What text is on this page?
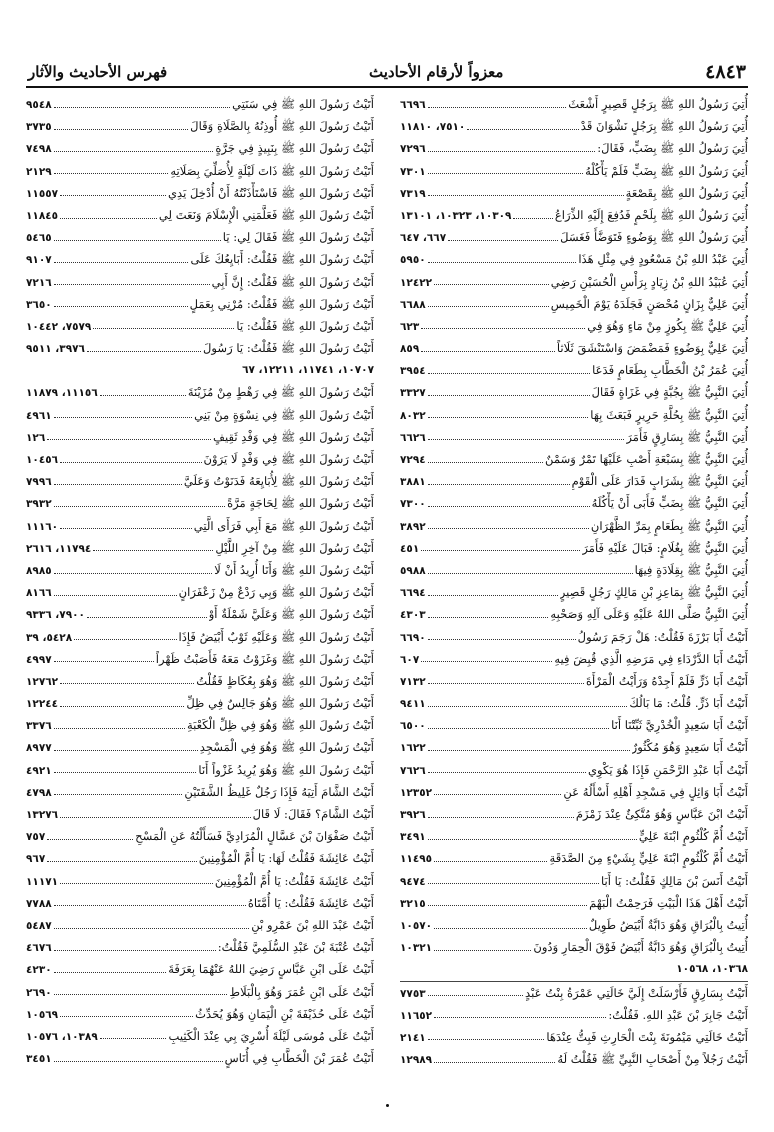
٤٨٤٣
معزواً لأرقام الأحاديث
فهرس الأحاديث والآثار
أُتِيَ رَسُولُ اللهِ ﷺ بِرَجُلٍ قَصِيرٍ أَشْعَثَ
٦٦٩٦
أُتِيَ رَسُولُ اللهِ ﷺ بِرَجُلٍ نَشْوَانَ قَدْ
٧٥١٠، ١١٨١٠
أُتِيَ رَسُولُ اللهِ ﷺ بِضَبٍّ، فَقَالَ:
٧٢٩٦
أُتِيَ رَسُولُ اللهِ ﷺ بِضَبٍّ فَلَمْ يَأْكُلْهُ
٧٣٠١
أُتِيَ رَسُولُ اللهِ ﷺ بِقَصْعَةٍ
٧٣١٩
أُتِيَ رَسُولُ اللهِ ﷺ بِلَحْمٍ فَدُفِعَ إِلَيْهِ الذِّرَاعُ
١٠٣٠٩، ١٠٣٢٣، ١٣١٠١
أُتِيَ رَسُولُ اللهِ ﷺ بِوَضُوءٍ فَتَوَضَّأَ فَغَسَلَ
٦٦٧، ٦٤٧
أُتِيَ عَبْدُ اللهِ بْنُ مَسْعُودٍ فِي مِثْلِ هَذَا
٥٩٥٠
أُتِيَ عُبَيْدُ اللهِ بْنُ زِيَادٍ بِرَأْسِ الْحُسَيْنِ رَضِي
١٢٤٢٢
أُتِيَ عَلِيٌّ بِزَانٍ مُحْصَنٍ فَجَلَدَهُ يَوْمَ الْخَمِيسِ
٦٦٨٨
أُتِيَ عَلِيٌّ ﷺ بِكُوزٍ مِنْ مَاءٍ وَهُوَ فِي
٦٢٣
أُتِيَ عَلِيٌّ بِوَضُوءٍ فَمَضْمَضَ وَاسْتَنْشَقَ ثَلَاثاً
٨٥٩
أُتِيَ عُمَرُ بْنُ الْخَطَّابِ بِطَعَامٍ فَدَعَا
٣٩٥٤
أُتِيَ النَّبِيُّ ﷺ بِجُبَّةٍ فِي غَزَاةٍ فَقَالَ
٣٣٢٧
أُتِيَ النَّبِيُّ ﷺ بِحُلَّةِ حَرِيرٍ فَبَعَثَ بِهَا
٨٠٣٢
أُتِيَ النَّبِيُّ ﷺ بِسَارِقٍ فَأَمَرَ
٦٦٢٦
أُتِيَ النَّبِيُّ ﷺ بِسَبْعَةِ أَصْبِ عَلَيْهَا تَمْرٌ وَسَمْنٌ
٧٢٩٤
أُتِيَ النَّبِيُّ ﷺ بِشَرَابٍ فَدَارَ عَلَى الْقَوْمِ
٣٨٨١
أُتِيَ النَّبِيُّ ﷺ بِضَبٍّ فَأَبَى أَنْ يَأْكُلَهُ
٧٣٠٠
أُتِيَ النَّبِيُّ ﷺ بِطَعَامٍ بِمَرِّ الظَّهْرَانِ
٣٨٩٢
أُتِيَ النَّبِيُّ ﷺ بِغُلَامٍ: فَبَالَ عَلَيْهِ فَأَمَرَ
٤٥١
أُتِيَ النَّبِيُّ ﷺ بِقِلَادَةٍ فِيهَا
٥٩٨٨
أُتِيَ النَّبِيُّ ﷺ بِمَاعِزِ بْنِ مَالِكٍ رَجُلٍ قَصِيرٍ
٦٦٩٤
أُتِيَ النَّبِيُّ صَلَّى اللهُ عَلَيْهِ وَعَلَى آلِهِ وَصَحْبِهِ
٤٣٠٣
أَتَيْتُ أَبَا بَرْزَةَ فَقُلْتُ: هَلْ رَجَمَ رَسُولُ
٦٦٩٠
أَتَيْتُ أَبَا الدَّرْدَاءِ فِي مَرَضِهِ الَّذِي قُبِضَ فِيهِ
٦٠٧
أَتَيْتُ أَبَا ذَرٍّ فَلَمْ أَجِدْهُ وَرَأَيْتُ الْمَرْأَةَ
٧١٣٢
أَتَيْتُ أَبَا ذَرٍّ. قُلْتُ: مَا بَالُكَ
٩٤١١
أَتَيْتُ أَبَا سَعِيدٍ الْخُدْرِيَّ ثَبِّتْنَا أَنَا
٦٥٠٠
أَتَيْتُ أَبَا سَعِيدٍ وَهُوَ مُكْثُورٌ
١٦٢٢
أَتَيْتُ أَبَا عَبْدِ الرَّحْمَنِ فَإِذَا هُوَ يَكْوِي
٧٦٢٦
أَتَيْتُ أَبَا وَائِلٍ فِي مَسْجِدِ أَهْلِهِ أَسْأَلُهُ عَنِ
١٢٣٥٢
أَتَيْتُ ابْنَ عَبَّاسٍ وَهُوَ مُتَّكِئٌ عِنْدَ زَمْزَمَ
٣٩٢٦
أَتَيْتُ أُمَّ كُلْثُومٍ ابْنَةَ عَلِيٍّ
٣٤٩١
أَتَيْتُ أُمَّ كُلْثُومٍ ابْنَةَ عَلِيٍّ بِشَيْءٍ مِنَ الصَّدَقَةِ
١١٤٩٥
أَتَيْتُ أَنَسَ بْنَ مَالِكٍ فَقُلْتُ: يَا أَبَا
٩٤٧٤
أَتَيْتُ أَهْلَ هَذَا الْبَيْتِ فَرَحِمْتُ الْبَهْمَ
٣٢١٥
أُتِيتُ بِالْبُرَاقِ وَهُوَ دَابَّةٌ أَبْيَضُ طَوِيلٌ
١٠٥٧٠
أُتِيتُ بِالْبُرَاقِ وَهُوَ دَابَّةٌ أَبْيَضُ فَوْقَ الْحِمَارِ وَدُونَ
١٠٣٢١
١٠٣٦٨، ١٠٥٦٨
أَتَيْتُ بِسَارِقٍ فَأَرْسَلَتْ إِلَيَّ خَالَتِي عَمْرَةُ بِنْتُ عَبْدٍ
٧٧٥٣
أَتَيْتُ جَابِرَ بْنَ عَبْدِ اللهِ. فَقُلْتُ:
١١٦٥٢
أَتَيْتُ خَالَتِي مَيْمُونَةَ بِنْتَ الْحَارِثِ فَبِتُّ عِنْدَهَا
٢١٤١
أَتَيْتُ رَجُلاً مِنْ أَصْحَابِ النَّبِيِّ ﷺ فَقُلْتُ لَهُ
١٢٩٨٩
أَتَيْتُ رَسُولَ اللهِ ﷺ فِي سَنَتِي
٩٥٤٨
أَتَيْتُ رَسُولَ اللهِ ﷺ أُوذِنُهُ بِالصَّلَاةِ وَقَالَ
٣٧٣٥
أَتَيْتُ رَسُولَ اللهِ ﷺ بِنَبِيذٍ فِي جَرَّةٍ
٧٤٩٨
أَتَيْتُ رَسُولَ اللهِ ﷺ ذَاتَ لَيْلَةٍ لِأُصَلِّيَ بِصَلَاتِهِ
٢١٢٩
أَتَيْتُ رَسُولَ اللهِ ﷺ فَاسْتَأْذَنْتُهُ أَنْ أُدْخِلَ يَدِي
١١٥٥٧
أَتَيْتُ رَسُولَ اللهِ ﷺ فَعَلَّمَنِي الْإِسْلَامَ وَنَعَتَ لِي
١١٨٤٥
أَتَيْتُ رَسُولَ اللهِ ﷺ فَقَالَ لِي: يَا
٥٤٦٥
أَتَيْتُ رَسُولَ اللهِ ﷺ فَقُلْتُ: أَبَايِعُكَ عَلَى
٩١٠٧
أَتَيْتُ رَسُولَ اللهِ ﷺ فَقُلْتُ: إِنَّ أَبِي
٧٢١٦
أَتَيْتُ رَسُولَ اللهِ ﷺ فَقُلْتُ: مُرْنِي بِعَمَلٍ
٣٦٥٠
أَتَيْتُ رَسُولَ اللهِ ﷺ فَقُلْتُ: يَا
٧٥٧٩، ١٠٤٤٢
أَتَيْتُ رَسُولَ اللهِ ﷺ فَقُلْتُ: يَا رَسُولَ
٣٩٧٦، ٩٥١١
١٠٧٠٧، ١١٧٤١، ١٢٢١١، ٦٧
أَتَيْتُ رَسُولَ اللهِ ﷺ فِي رَهْطٍ مِنْ مُزَيْنَةَ
١١١٥٦، ١١٨٧٩
أَتَيْتُ رَسُولَ اللهِ ﷺ فِي نِسْوَةٍ مِنْ بَنِي
٤٩٦١
أَتَيْتُ رَسُولَ اللهِ ﷺ فِي وَفْدِ ثَقِيفٍ
١٢٦
أَتَيْتُ رَسُولَ اللهِ ﷺ فِي وَفْدٍ لَا يَرَوْنَ
١٠٤٥٦
أَتَيْتُ رَسُولَ اللهِ ﷺ لِأُبَايِعَهُ فَدَنَوْتُ وَعَلَيَّ
٧٩٩٦
أَتَيْتُ رَسُولَ اللهِ ﷺ لِحَاجَةٍ مَرَّةً
٣٩٣٢
أَتَيْتُ رَسُولَ اللهِ ﷺ مَعَ أَبِي فَرَأَى الَّتِي
١١١٦٠
أَتَيْتُ رَسُولَ اللهِ ﷺ مِنْ آخِرِ اللَّيْلِ
١١٧٩٤، ٢٦١٦
أَتَيْتُ رَسُولَ اللهِ ﷺ وَأَنَا أُرِيدُ أَنْ لَا
٨٩٨٥
أَتَيْتُ رَسُولَ اللهِ ﷺ وَبِي رَدْعٌ مِنْ زَعْفَرَانٍ
٨١٦٦
أَتَيْتُ رَسُولَ اللهِ ﷺ وَعَلَيَّ شَمْلَةٌ أَوْ
٧٩٠٠، ٩٣٣٦
أَتَيْتُ رَسُولَ اللهِ ﷺ وَعَلَيْهِ ثَوْبٌ أَبْيَضُ فَإِذَا
٥٤٢٨، ٣٩
أَتَيْتُ رَسُولَ اللهِ ﷺ وَغَزَوْتُ مَعَهُ فَأَصَبْتُ ظَهْراً
٤٩٩٧
أَتَيْتُ رَسُولَ اللهِ ﷺ وَهُوَ بِعُكَاظٍ فَقُلْتُ
١٢٧٦٢
أَتَيْتُ رَسُولَ اللهِ ﷺ وَهُوَ جَالِسٌ فِي ظِلِّ
١٢٢٤٤
أَتَيْتُ رَسُولَ اللهِ ﷺ وَهُوَ فِي ظِلِّ الْكَعْبَةِ
٣٣٧٦
أَتَيْتُ رَسُولَ اللهِ ﷺ وَهُوَ فِي الْمَسْجِدِ
٨٩٧٧
أَتَيْتُ رَسُولَ اللهِ ﷺ وَهُوَ يُرِيدُ غَزْواً أَنَا
٤٩٢١
أَتَيْتُ الشَّامَ أَتِيَهُ فَإِذَا رَجُلٌ غَلِيظُ الشَّفَتَيْنِ
٤٧٩٨
أَتَيْتُ الشَّامَ؟ فَقَالَ: لَا قَالَ
١٣٢٧٦
أَتَيْتُ صَفْوَانَ بْنَ عَسَّالٍ الْمُرَادِيَّ فَسَأَلْتُهُ عَنِ الْمَسْحِ
٧٥٧
أَتَيْتُ عَائِشَةَ فَقُلْتُ لَهَا: يَا أُمَّ الْمُؤْمِنِينَ
٩٦٧
أَتَيْتُ عَائِشَةَ فَقُلْتُ: يَا أُمَّ الْمُؤْمِنِينَ
١١١٧١
أَتَيْتُ عَائِشَةَ فَقُلْتُ: يَا أُمَّتَاهُ
٧٧٨٨
أَتَيْتُ عَبْدَ اللهِ بْنَ عَمْرِو بْنِ
٥٤٨٧
أَتَيْتُ عُتْبَةَ بْنَ عَبْدِ السُّلَمِيَّ فَقُلْتُ:
٤٦٧٦
أَتَيْتُ عَلَى ابْنِ عَبَّاسٍ رَضِيَ اللهُ عَنْهُمَا بِعَرَفَةَ
٤٢٣٠
أَتَيْتُ عَلَى ابْنِ عُمَرَ وَهُوَ بِالْبَلَاطِ
٢٦٩٠
أَتَيْتُ عَلَى حُذَيْفَةَ بْنِ الْيَمَانِ وَهُوَ يُحَدِّثُ
١٠٥٦٩
أَتَيْتُ عَلَى مُوسَى لَيْلَةَ أُسْرِيَ بِي عِنْدَ الْكَثِيبِ
١٠٣٨٩، ١٠٥٧٦
أَتَيْتُ عُمَرَ بْنَ الْخَطَّابِ فِي أُنَاسٍ
٣٤٥١
